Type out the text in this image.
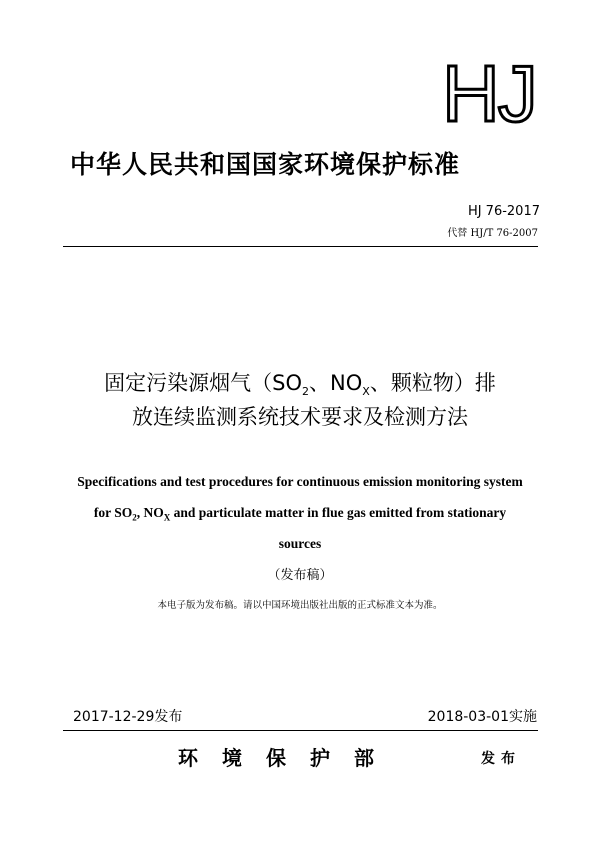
HJ
中华人民共和国国家环境保护标准
HJ 76-2017
代替 HJ/T 76-2007
固定污染源烟气（$SO_2$、$NO_X$、颗粒物）排
放连续监测系统技术要求及检测方法
Specifications and test procedures for continuous emission monitoring system
for $SO_2$, $NO_X$ and particulate matter in flue gas emitted from stationary
sources
（发布稿）
本电子版为发布稿。请以中国环境出版社出版的正式标准文本为准。
2017-12-29发布	2018-03-01实施
环境保护部	发布
